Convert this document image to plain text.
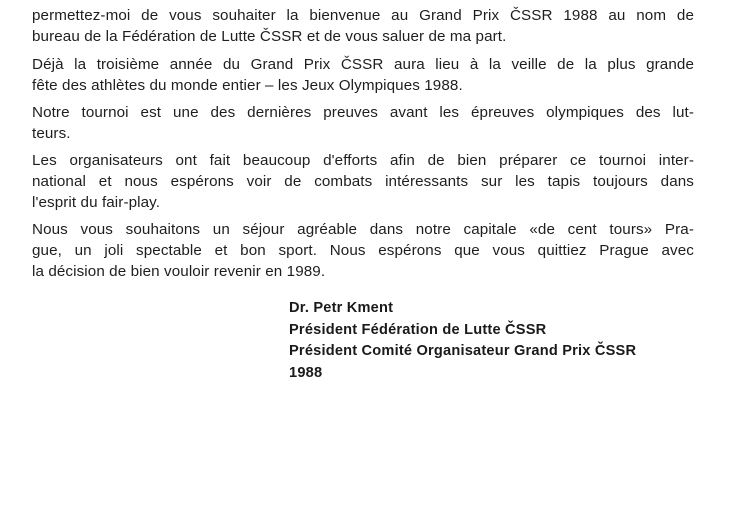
permettez-moi de vous souhaiter la bienvenue au Grand Prix ČSSR 1988 au nom de
bureau de la Fédération de Lutte ČSSR et de vous saluer de ma part.

Déjà la troisième année du Grand Prix ČSSR aura lieu à la veille de la plus grande
fête des athlètes du monde entier – les Jeux Olympiques 1988.

Notre tournoi est une des dernières preuves avant les épreuves olympiques des lut-
teurs.

Les organisateurs ont fait beaucoup d'efforts afin de bien préparer ce tournoi inter-
national et nous espérons voir de combats intéressants sur les tapis toujours dans
l'esprit du fair-play.

Nous vous souhaitons un séjour agréable dans notre capitale «de cent tours» Pra-
gue, un joli spectable et bon sport. Nous espérons que vous quittiez Prague avec
la décision de bien vouloir revenir en 1989.

Dr. Petr Kment
Président Fédération de Lutte ČSSR
Président Comité Organisateur Grand Prix ČSSR
1988
